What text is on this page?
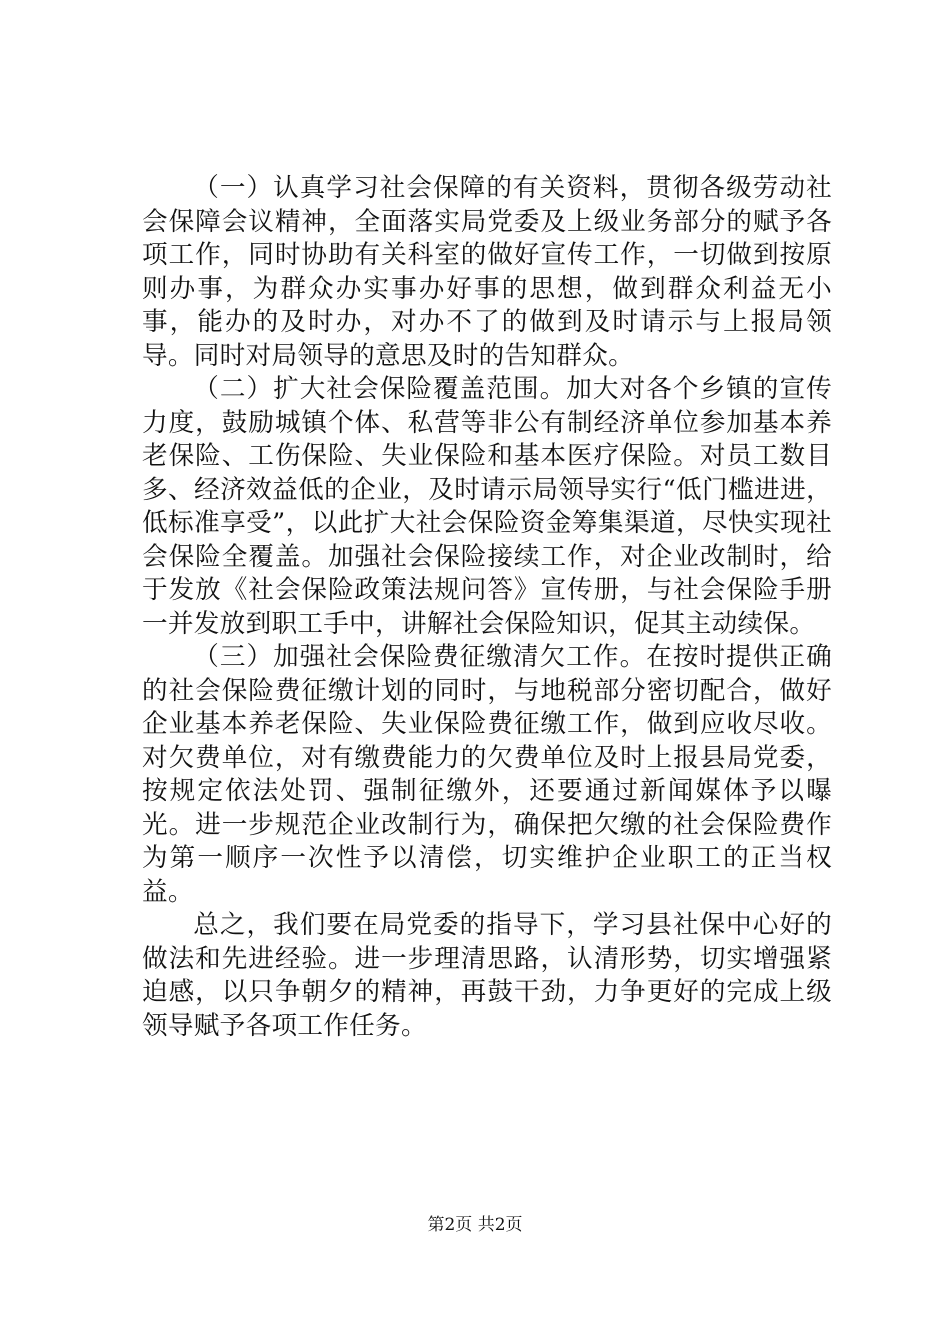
（一）认真学习社会保障的有关资料，贯彻各级劳动社会保障会议精神，全面落实局党委及上级业务部分的赋予各项工作，同时协助有关科室的做好宣传工作，一切做到按原则办事，为群众办实事办好事的思想，做到群众利益无小事，能办的及时办，对办不了的做到及时请示与上报局领导。同时对局领导的意思及时的告知群众。

（二）扩大社会保险覆盖范围。加大对各个乡镇的宣传力度，鼓励城镇个体、私营等非公有制经济单位参加基本养老保险、工伤保险、失业保险和基本医疗保险。对员工数目多、经济效益低的企业，及时请示局领导实行“低门槛进进，低标准享受”，以此扩大社会保险资金筹集渠道，尽快实现社会保险全覆盖。加强社会保险接续工作，对企业改制时，给于发放《社会保险政策法规问答》宣传册，与社会保险手册一并发放到职工手中，讲解社会保险知识，促其主动续保。

（三）加强社会保险费征缴清欠工作。在按时提供正确的社会保险费征缴计划的同时，与地税部分密切配合，做好企业基本养老保险、失业保险费征缴工作，做到应收尽收。对欠费单位，对有缴费能力的欠费单位及时上报县局党委，按规定依法处罚、强制征缴外，还要通过新闻媒体予以曝光。进一步规范企业改制行为，确保把欠缴的社会保险费作为第一顺序一次性予以清偿，切实维护企业职工的正当权益。

总之，我们要在局党委的指导下，学习县社保中心好的做法和先进经验。进一步理清思路，认清形势，切实增强紧迫感，以只争朝夕的精神，再鼓干劲，力争更好的完成上级领导赋予各项工作任务。

第2页 共2页
